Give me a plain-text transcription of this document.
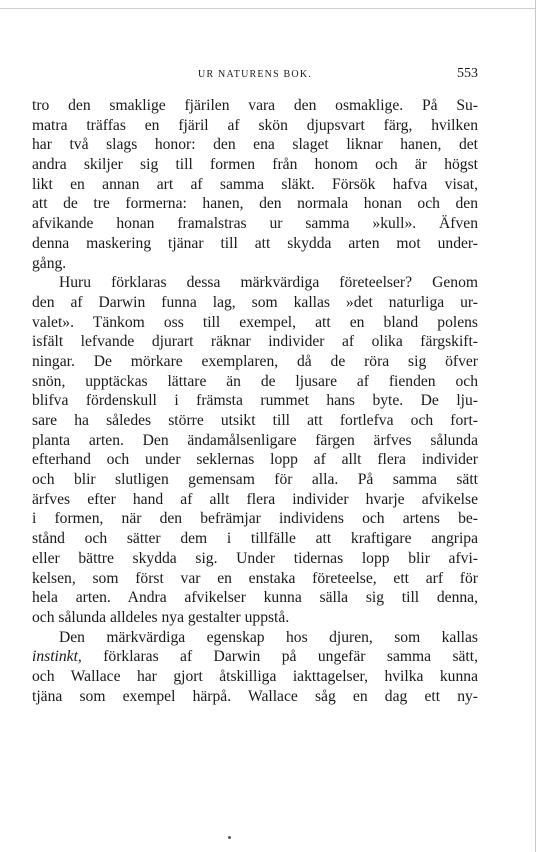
UR NATURENS BOK.	553
tro den smaklige fjärilen vara den osmaklige. På Su-
matra träffas en fjäril af skön djupsvart färg, hvilken
har två slags honor: den ena slaget liknar hanen, det
andra skiljer sig till formen från honom och är högst
likt en annan art af samma släkt. Försök hafva visat,
att de tre formerna: hanen, den normala honan och den
afvikande honan framalstras ur samma »kull». Äfven
denna maskering tjänar till att skydda arten mot under-
gång.
Huru förklaras dessa märkvärdiga företeelser? Genom
den af Darwin funna lag, som kallas »det naturliga ur-
valet». Tänkom oss till exempel, att en bland polens
isfält lefvande djurart räknar individer af olika färgskift-
ningar. De mörkare exemplaren, då de röra sig öfver
snön, upptäckas lättare än de ljusare af fienden och
blifva fördenskull i främsta rummet hans byte. De lju-
sare ha således större utsikt till att fortlefva och fort-
planta arten. Den ändamålsenligare färgen ärfves sålunda
efterhand och under seklernas lopp af allt flera individer
och blir slutligen gemensam för alla. På samma sätt
ärfves efter hand af allt flera individer hvarje afvikelse
i formen, när den befrämjar individens och artens be-
stånd och sätter dem i tillfälle att kraftigare angripa
eller bättre skydda sig. Under tidernas lopp blir afvi-
kelsen, som först var en enstaka företeelse, ett arf för
hela arten. Andra afvikelser kunna sälla sig till denna,
och sålunda alldeles nya gestalter uppstå.
Den märkvärdiga egenskap hos djuren, som kallas
instinkt, förklaras af Darwin på ungefär samma sätt,
och Wallace har gjort åtskilliga iakttagelser, hvilka kunna
tjäna som exempel härpå. Wallace såg en dag ett ny-
